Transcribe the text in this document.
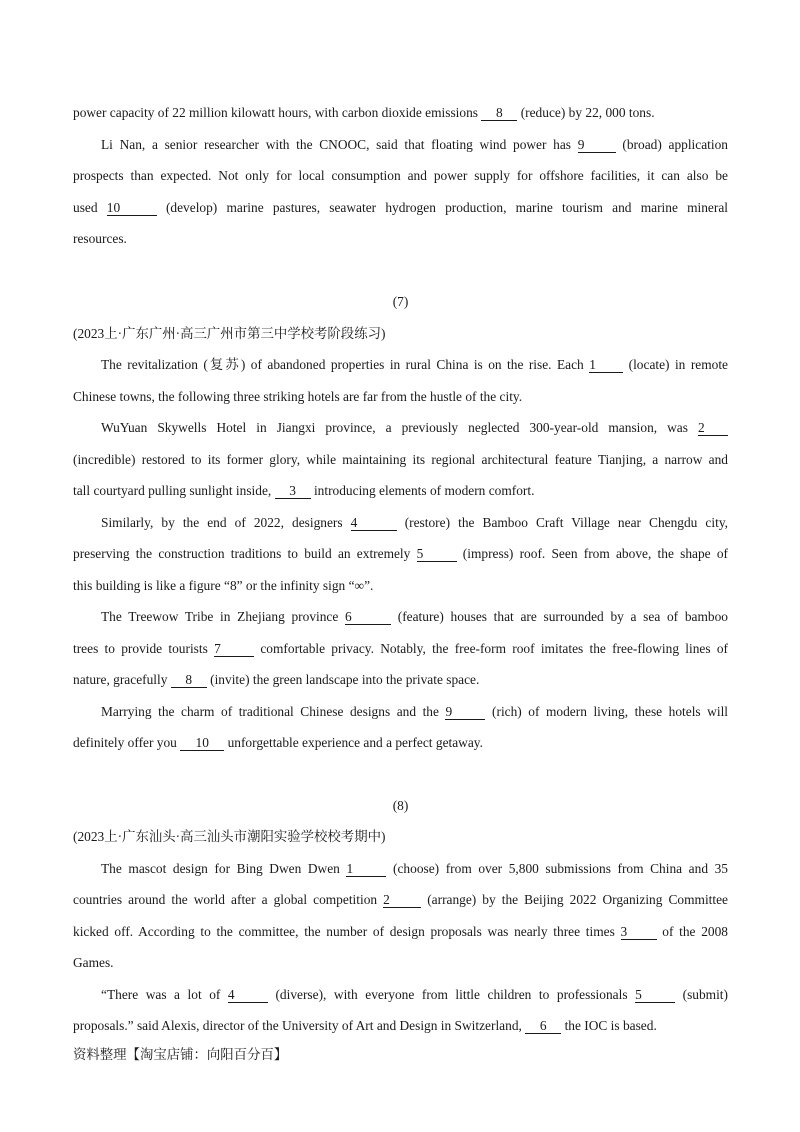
power capacity of 22 million kilowatt hours, with carbon dioxide emissions 8 (reduce) by 22, 000 tons.
Li Nan, a senior researcher with the CNOOC, said that floating wind power has 9 (broad) application
prospects than expected. Not only for local consumption and power supply for offshore facilities, it can also be
used 10	(develop) marine pastures, seawater hydrogen production, marine tourism and marine mineral
resources.
(7)
(2023上·广东广州·高三广州市第三中学校考阶段练习)
The revitalization (复苏) of abandoned properties in rural China is on the rise. Each 1 (locate) in remote
Chinese towns, the following three striking hotels are far from the hustle of the city.
WuYuan Skywells Hotel in Jiangxi province, a previously neglected 300-year-old mansion, was 2
(incredible) restored to its former glory, while maintaining its regional architectural feature Tianjing, a narrow and
tall courtyard pulling sunlight inside, 3 introducing elements of modern comfort.
Similarly, by the end of 2022, designers 4	(restore) the Bamboo Craft Village near Chengdu city,
preserving the construction traditions to build an extremely 5 (impress) roof. Seen from above, the shape of
this building is like a figure “8” or the infinity sign “∞”.
The Treewow Tribe in Zhejiang province 6	(feature) houses that are surrounded by a sea of bamboo
trees to provide tourists 7 comfortable privacy. Notably, the free-form roof imitates the free-flowing lines of
nature, gracefully 8 (invite) the green landscape into the private space.
Marrying the charm of traditional Chinese designs and the 9 (rich) of modern living, these hotels will
definitely offer you 10 unforgettable experience and a perfect getaway.
(8)
(2023上·广东汕头·高三汕头市潮阳实验学校校考期中)
The mascot design for Bing Dwen Dwen 1 (choose) from over 5,800 submissions from China and 35
countries around the world after a global competition 2 (arrange) by the Beijing 2022 Organizing Committee
kicked off. According to the committee, the number of design proposals was nearly three times 3 of the 2008
Games.
“There was a lot of 4 (diverse), with everyone from little children to professionals 5 (submit)
proposals.” said Alexis, director of the University of Art and Design in Switzerland, 6 the IOC is based.
资料整理【淘宝店铺：向阳百分百】
